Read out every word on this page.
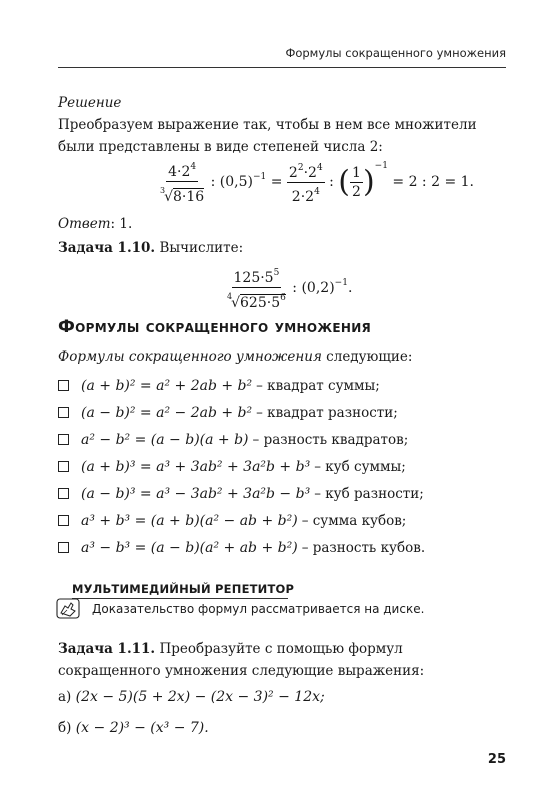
Формулы сокращенного умножения
Решение
Преобразуем выражение так, чтобы в нем все множители были представлены в виде степеней числа 2:
$\frac{4\cdot 2^4}{^3√8\cdot 16}$ : $(0,5)^{-1} = \frac{2^2\cdot 2^4}{2\cdot 2^4}$ : ( $\frac{1}{2} )^{-1} = 2$ : 2 = 1.
Ответ: 1.
Задача 1.10. Вычислите:
$\frac{125\cdot 5^5}{^4√625\cdot 5^6}$ : $(0,2)^{-1}$.
Формулы сокращенного умножения
Формулы сокращенного умножения следующие:
(a + b)² = a² + 2ab + b² – квадрат суммы;
(a − b)² = a² − 2ab + b² – квадрат разности;
a² − b² = (a − b)(a + b) – разность квадратов;
(a + b)³ = a³ + 3ab² + 3a²b + b³ – куб суммы;
(a − b)³ = a³ − 3ab² + 3a²b − b³ – куб разности;
a³ + b³ = (a + b)(a² − ab + b²) – сумма кубов;
a³ − b³ = (a − b)(a² + ab + b²) – разность кубов.
МУЛЬТИМЕДИЙНЫЙ РЕПЕТИТОР
Доказательство формул рассматривается на диске.
Задача 1.11. Преобразуйте с помощью формул сокращенного умножения следующие выражения:
а) (2x − 5)(5 + 2x) − (2x − 3)² − 12x;
б) (x − 2)³ − (x³ − 7).
25
